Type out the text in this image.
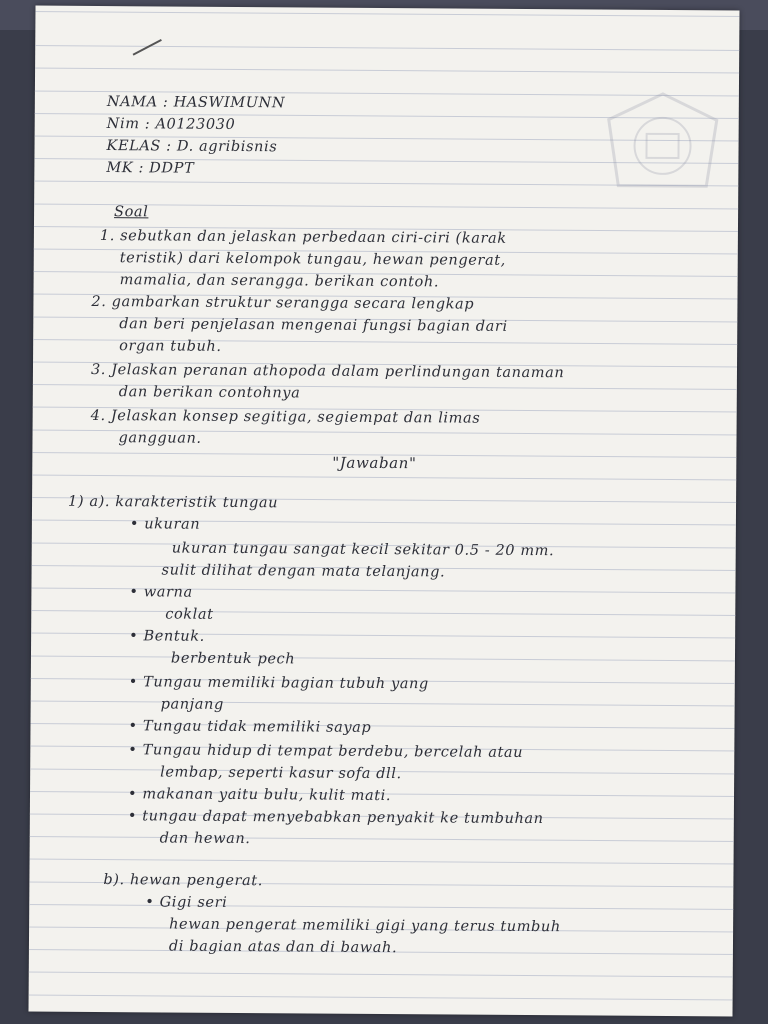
NAMA : HASWIMUNN
Nim : A0123030
KELAS : D. agribisnis
MK : DDPT
Soal
1. sebutkan dan jelaskan perbedaan ciri-ciri (karak
teristik) dari kelompok tungau, hewan pengerat,
mamalia, dan serangga. berikan contoh.
2. gambarkan struktur serangga secara lengkap
dan beri penjelasan mengenai fungsi bagian dari
organ tubuh.
3. Jelaskan peranan athopoda dalam perlindungan tanaman
dan berikan contohnya
4. Jelaskan konsep segitiga, segiempat dan limas
gangguan.
"Jawaban"
1) a). karakteristik tungau
• ukuran
ukuran tungau sangat kecil sekitar 0.5 - 20 mm.
sulit dilihat dengan mata telanjang.
• warna
coklat
• Bentuk.
berbentuk pech
• Tungau memiliki bagian tubuh yang
panjang
• Tungau tidak memiliki sayap
• Tungau hidup di tempat berdebu, bercelah atau
lembap, seperti kasur sofa dll.
• makanan yaitu bulu, kulit mati.
• tungau dapat menyebabkan penyakit ke tumbuhan
dan hewan.
b). hewan pengerat.
• Gigi seri
hewan pengerat memiliki gigi yang terus tumbuh
di bagian atas dan di bawah.
